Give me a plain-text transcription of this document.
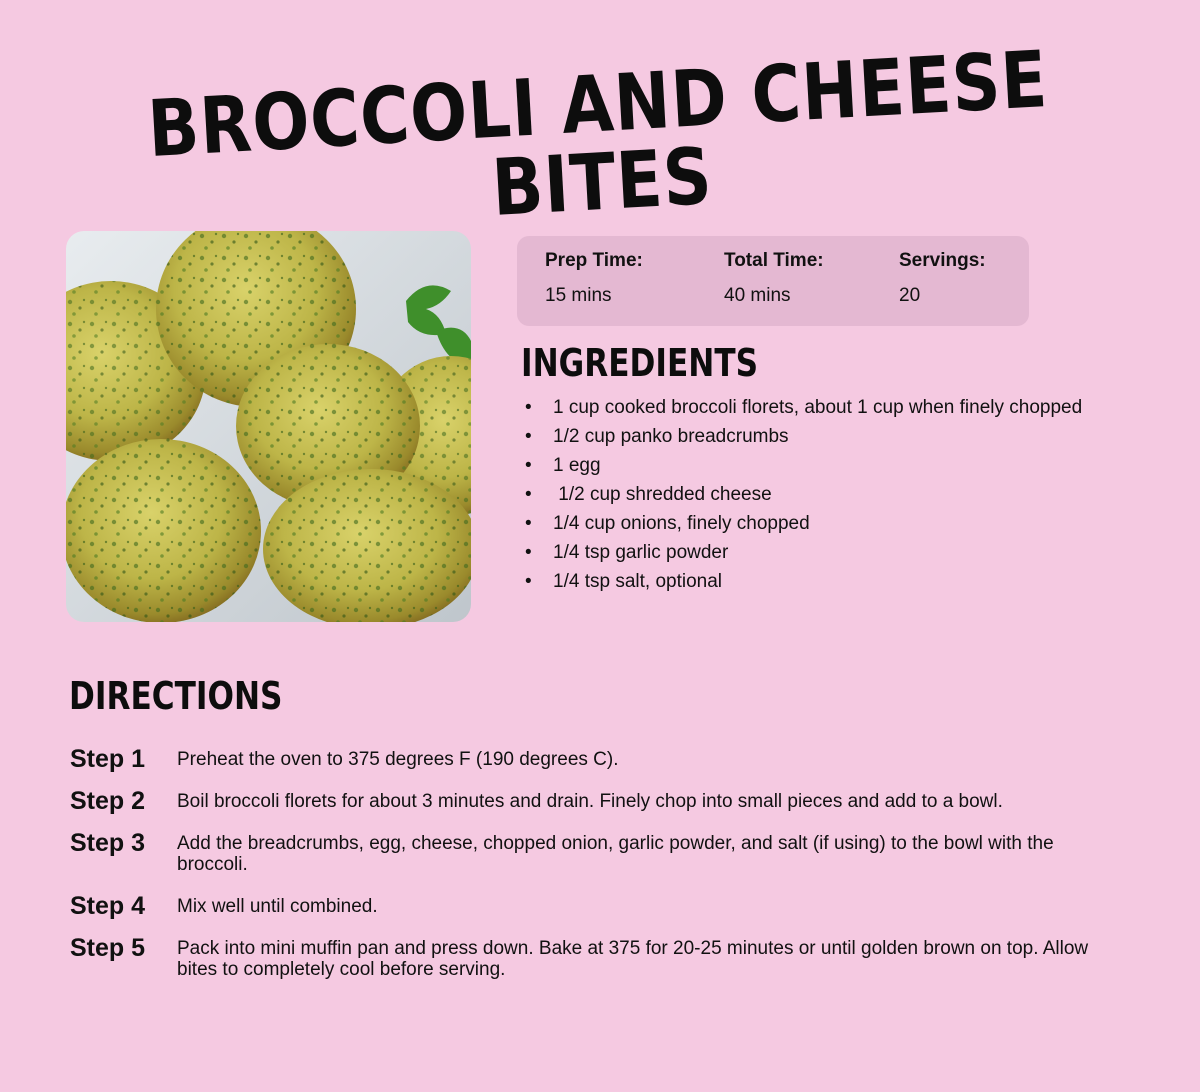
BROCCOLI AND CHEESE BITES
Prep Time:
15 mins
Total Time:
40 mins
Servings:
20
INGREDIENTS
• 1 cup cooked broccoli florets, about 1 cup when finely chopped
• 1/2 cup panko breadcrumbs
• 1 egg
• 1/2 cup shredded cheese
• 1/4 cup onions, finely chopped
• 1/4 tsp garlic powder
• 1/4 tsp salt, optional
DIRECTIONS
Step 1 Preheat the oven to 375 degrees F (190 degrees C).
Step 2 Boil broccoli florets for about 3 minutes and drain. Finely chop into small pieces and add to a bowl.
Step 3 Add the breadcrumbs, egg, cheese, chopped onion, garlic powder, and salt (if using) to the bowl with the broccoli.
Step 4 Mix well until combined.
Step 5 Pack into mini muffin pan and press down. Bake at 375 for 20-25 minutes or until golden brown on top. Allow bites to completely cool before serving.
